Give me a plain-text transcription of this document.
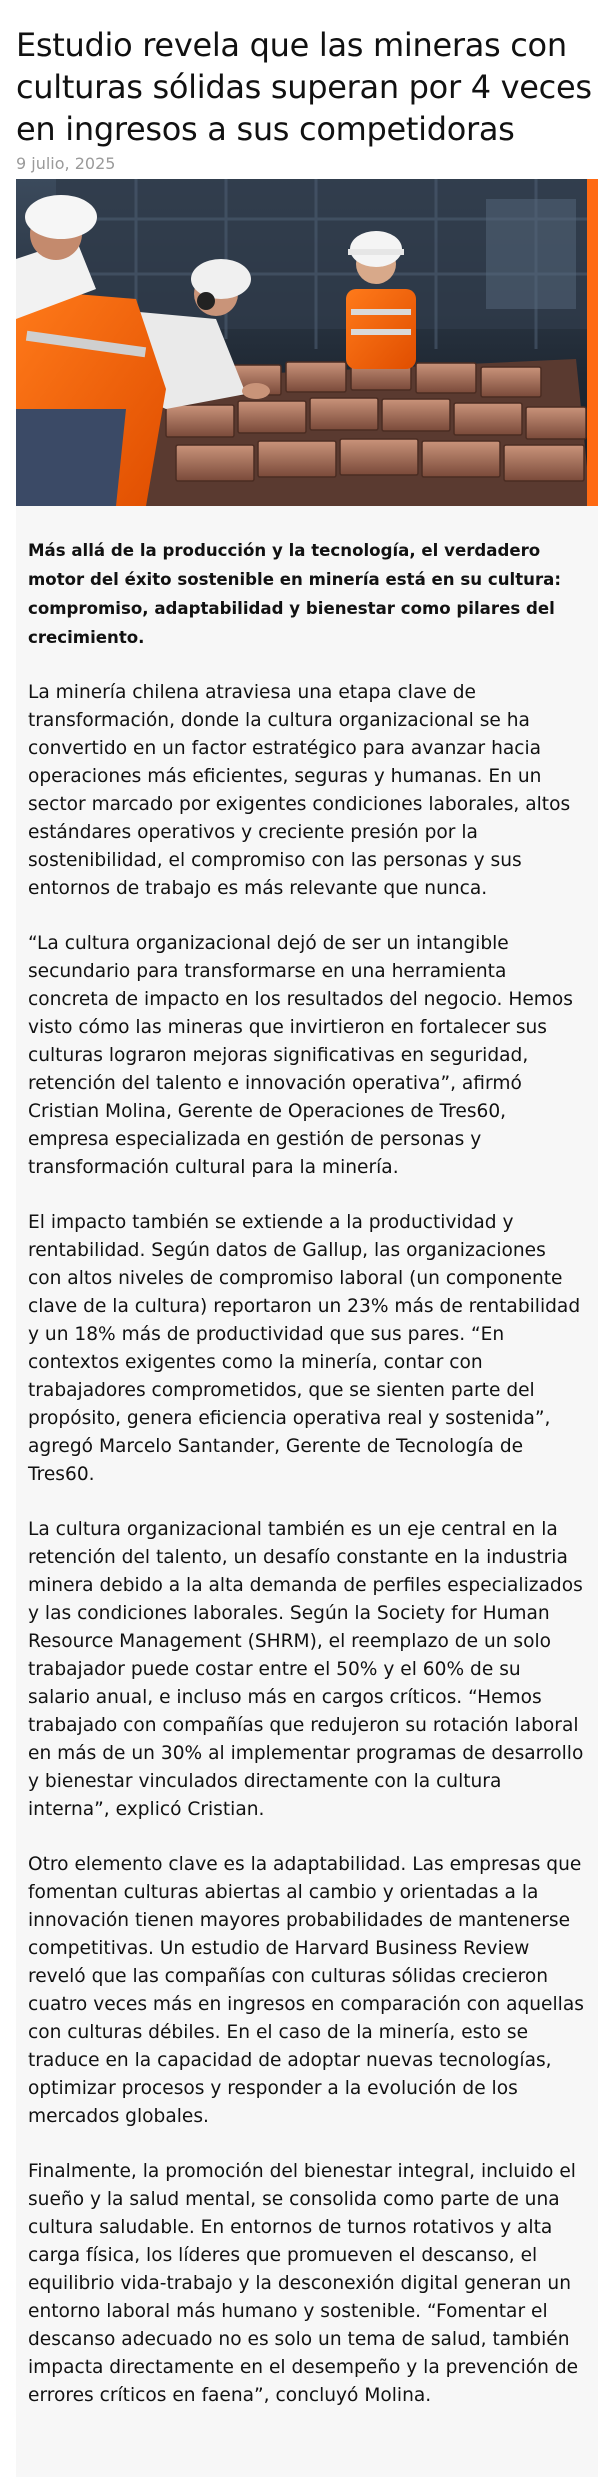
Estudio revela que las mineras con culturas sólidas superan por 4 veces en ingresos a sus competidoras
9 julio, 2025

Más allá de la producción y la tecnología, el verdadero motor del éxito sostenible en minería está en su cultura: compromiso, adaptabilidad y bienestar como pilares del crecimiento.

La minería chilena atraviesa una etapa clave de transformación, donde la cultura organizacional se ha convertido en un factor estratégico para avanzar hacia operaciones más eficientes, seguras y humanas. En un sector marcado por exigentes condiciones laborales, altos estándares operativos y creciente presión por la sostenibilidad, el compromiso con las personas y sus entornos de trabajo es más relevante que nunca.

“La cultura organizacional dejó de ser un intangible secundario para transformarse en una herramienta concreta de impacto en los resultados del negocio. Hemos visto cómo las mineras que invirtieron en fortalecer sus culturas lograron mejoras significativas en seguridad, retención del talento e innovación operativa”, afirmó Cristian Molina, Gerente de Operaciones de Tres60, empresa especializada en gestión de personas y transformación cultural para la minería.

El impacto también se extiende a la productividad y rentabilidad. Según datos de Gallup, las organizaciones con altos niveles de compromiso laboral (un componente clave de la cultura) reportaron un 23% más de rentabilidad y un 18% más de productividad que sus pares. “En contextos exigentes como la minería, contar con trabajadores comprometidos, que se sienten parte del propósito, genera eficiencia operativa real y sostenida”, agregó Marcelo Santander, Gerente de Tecnología de Tres60.

La cultura organizacional también es un eje central en la retención del talento, un desafío constante en la industria minera debido a la alta demanda de perfiles especializados y las condiciones laborales. Según la Society for Human Resource Management (SHRM), el reemplazo de un solo trabajador puede costar entre el 50% y el 60% de su salario anual, e incluso más en cargos críticos. “Hemos trabajado con compañías que redujeron su rotación laboral en más de un 30% al implementar programas de desarrollo y bienestar vinculados directamente con la cultura interna”, explicó Cristian.

Otro elemento clave es la adaptabilidad. Las empresas que fomentan culturas abiertas al cambio y orientadas a la innovación tienen mayores probabilidades de mantenerse competitivas. Un estudio de Harvard Business Review reveló que las compañías con culturas sólidas crecieron cuatro veces más en ingresos en comparación con aquellas con culturas débiles. En el caso de la minería, esto se traduce en la capacidad de adoptar nuevas tecnologías, optimizar procesos y responder a la evolución de los mercados globales.

Finalmente, la promoción del bienestar integral, incluido el sueño y la salud mental, se consolida como parte de una cultura saludable. En entornos de turnos rotativos y alta carga física, los líderes que promueven el descanso, el equilibrio vida-trabajo y la desconexión digital generan un entorno laboral más humano y sostenible. “Fomentar el descanso adecuado no es solo un tema de salud, también impacta directamente en el desempeño y la prevención de errores críticos en faena”, concluyó Molina.
